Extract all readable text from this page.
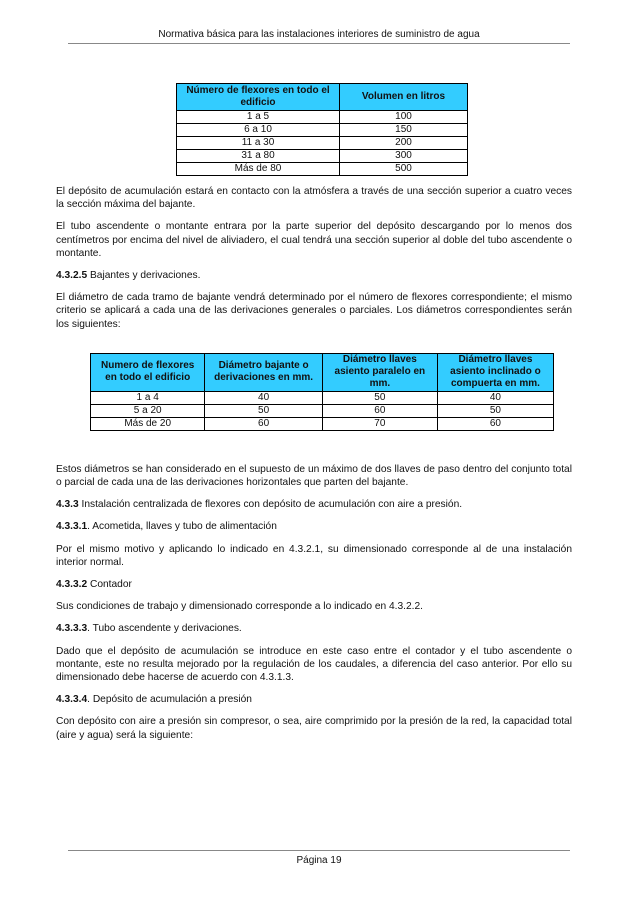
Normativa básica para las instalaciones interiores de suministro de agua
Número de flexores en todo el edificio	Volumen en litros
1 a 5	100
6 a 10	150
11 a 30	200
31 a 80	300
Más de 80	500

El depósito de acumulación estará en contacto con la atmósfera a través de una sección superior a cuatro veces la sección máxima del bajante.

El tubo ascendente o montante entrara por la parte superior del depósito descargando por lo menos dos centímetros por encima del nivel de aliviadero, el cual tendrá una sección superior al doble del tubo ascendente o montante.

4.3.2.5 Bajantes y derivaciones.

El diámetro de cada tramo de bajante vendrá determinado por el número de flexores correspondiente; el mismo criterio se aplicará a cada una de las derivaciones generales o parciales. Los diámetros correspondientes serán los siguientes:

Numero de flexores en todo el edificio	Diámetro bajante o derivaciones en mm.	Diámetro llaves asiento paralelo en mm.	Diámetro llaves asiento inclinado o compuerta en mm.
1 a 4	40	50	40
5 a 20	50	60	50
Más de 20	60	70	60

Estos diámetros se han considerado en el supuesto de un máximo de dos llaves de paso dentro del conjunto total o parcial de cada una de las derivaciones horizontales que parten del bajante.

4.3.3 Instalación centralizada de flexores con depósito de acumulación con aire a presión.

4.3.3.1. Acometida, llaves y tubo de alimentación

Por el mismo motivo y aplicando lo indicado en 4.3.2.1, su dimensionado corresponde al de una instalación interior normal.

4.3.3.2 Contador

Sus condiciones de trabajo y dimensionado corresponde a lo indicado en 4.3.2.2.

4.3.3.3. Tubo ascendente y derivaciones.

Dado que el depósito de acumulación se introduce en este caso entre el contador y el tubo ascendente o montante, este no resulta mejorado por la regulación de los caudales, a diferencia del caso anterior. Por ello su dimensionado debe hacerse de acuerdo con 4.3.1.3.

4.3.3.4. Depósito de acumulación a presión

Con depósito con aire a presión sin compresor, o sea, aire comprimido por la presión de la red, la capacidad total (aire y agua) será la siguiente:

Página 19
